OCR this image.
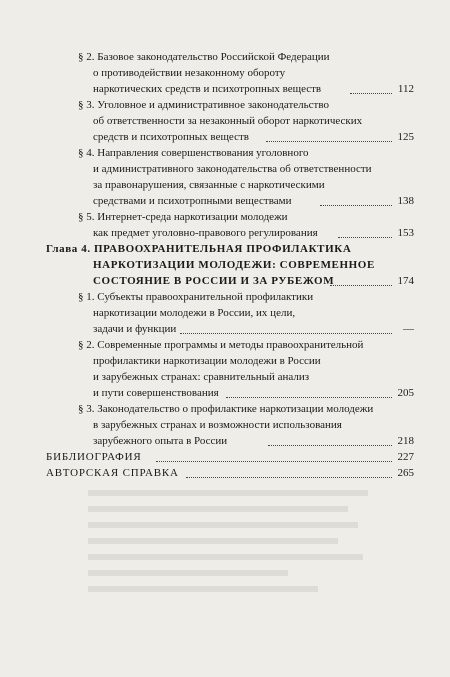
§ 2. Базовое законодательство Российской Федерации
о противодействии незаконному обороту
наркотических средств и психотропных веществ	112
§ 3. Уголовное и административное законодательство
об ответственности за незаконный оборот наркотических
средств и психотропных веществ	125
§ 4. Направления совершенствования уголовного
и административного законодательства об ответственности
за правонарушения, связанные с наркотическими
средствами и психотропными веществами	138
§ 5. Интернет-среда наркотизации молодежи
как предмет уголовно-правового регулирования	153
Глава 4. ПРАВООХРАНИТЕЛЬНАЯ ПРОФИЛАКТИКА
НАРКОТИЗАЦИИ МОЛОДЕЖИ: СОВРЕМЕННОЕ
СОСТОЯНИЕ В РОССИИ И ЗА РУБЕЖОМ	174
§ 1. Субъекты правоохранительной профилактики
наркотизации молодежи в России, их цели,
задачи и функции	—
§ 2. Современные программы и методы правоохранительной
профилактики наркотизации молодежи в России
и зарубежных странах: сравнительный анализ
и пути совершенствования	205
§ 3. Законодательство о профилактике наркотизации молодежи
в зарубежных странах и возможности использования
зарубежного опыта в России	218
БИБЛИОГРАФИЯ	227
АВТОРСКАЯ СПРАВКА	265
